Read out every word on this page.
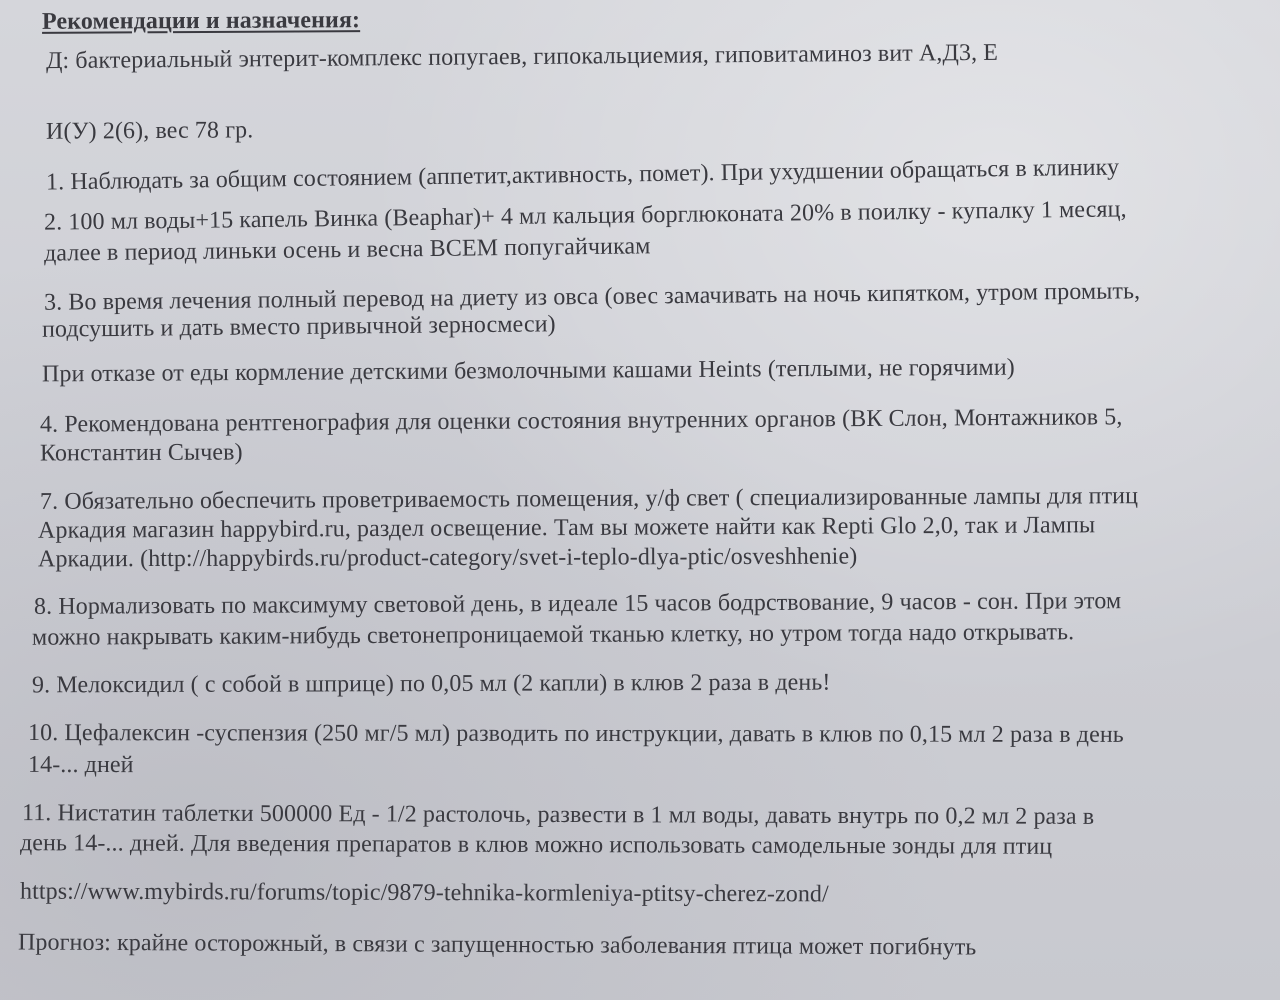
Рекомендации и назначения:
Д: бактериальный энтерит-комплекс попугаев, гипокальциемия, гиповитаминоз вит А,Д3, Е
И(У) 2(6), вес 78 гр.
1. Наблюдать за общим состоянием (аппетит,активность, помет). При ухудшении обращаться в клинику
2. 100 мл воды+15 капель Винка (Beaphar)+ 4 мл кальция борглюконата 20% в поилку - купалку 1 месяц,
далее в период линьки осень и весна ВСЕМ попугайчикам
3. Во время лечения полный перевод на диету из овса (овес замачивать на ночь кипятком, утром промыть,
подсушить и дать вместо привычной зерносмеси)
При отказе от еды кормление детскими безмолочными кашами Heints (теплыми, не горячими)
4. Рекомендована рентгенография для оценки состояния внутренних органов (ВК Слон, Монтажников 5,
Константин Сычев)
7. Обязательно обеспечить проветриваемость помещения, у/ф свет ( специализированные лампы для птиц
Аркадия магазин happybird.ru, раздел освещение. Там вы можете найти как Repti Glo 2,0, так и Лампы
Аркадии. (http://happybirds.ru/product-category/svet-i-teplo-dlya-ptic/osveshhenie)
8. Нормализовать по максимуму световой день, в идеале 15 часов бодрствование, 9 часов - сон. При этом
можно накрывать каким-нибудь светонепроницаемой тканью клетку, но утром тогда надо открывать.
9. Мелоксидил ( с собой в шприце) по 0,05 мл (2 капли) в клюв 2 раза в день!
10. Цефалексин -суспензия (250 мг/5 мл) разводить по инструкции, давать в клюв по 0,15 мл 2 раза в день
14-... дней
11. Нистатин таблетки 500000 Ед - 1/2 растолочь, развести в 1 мл воды, давать внутрь по 0,2 мл 2 раза в
день 14-... дней. Для введения препаратов в клюв можно использовать самодельные зонды для птиц
https://www.mybirds.ru/forums/topic/9879-tehnika-kormleniya-ptitsy-cherez-zond/
Прогноз: крайне осторожный, в связи с запущенностью заболевания птица может погибнуть
